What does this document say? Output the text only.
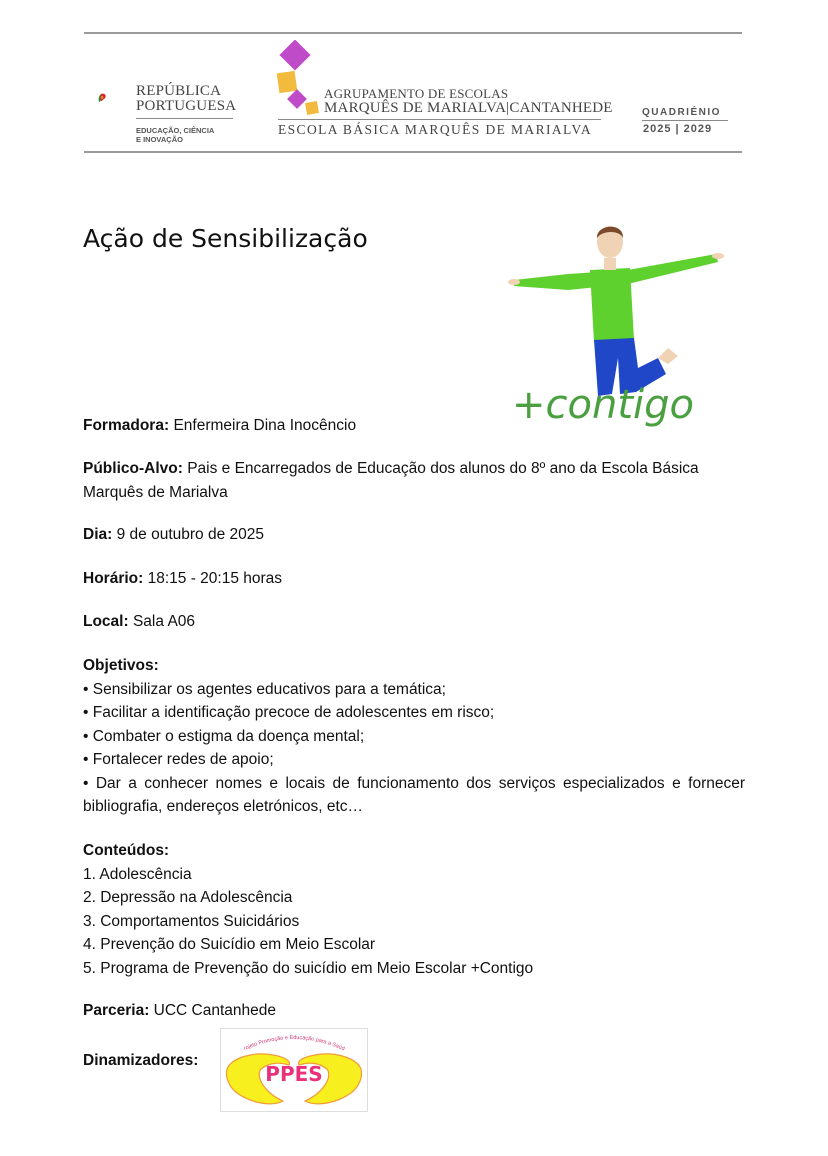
REPÚBLICA
PORTUGUESA
EDUCAÇÃO, CIÊNCIA
E INOVAÇÃO
AGRUPAMENTO DE ESCOLAS
MARQUÊS DE MARIALVA|CANTANHEDE
ESCOLA BÁSICA MARQUÊS DE MARIALVA
QUADRIÉNIO
2025 | 2029
Ação de Sensibilização
+contigo
Formadora: Enfermeira Dina Inocêncio
Público-Alvo: Pais e Encarregados de Educação dos alunos do 8º ano da Escola Básica Marquês de Marialva
Dia: 9 de outubro de 2025
Horário: 18:15 - 20:15 horas
Local: Sala A06
Objetivos:
• Sensibilizar os agentes educativos para a temática;
• Facilitar a identificação precoce de adolescentes em risco;
• Combater o estigma da doença mental;
• Fortalecer redes de apoio;
• Dar a conhecer nomes e locais de funcionamento dos serviços especializados e fornecer bibliografia, endereços eletrónicos, etc…
Conteúdos:
1. Adolescência
2. Depressão na Adolescência
3. Comportamentos Suicidários
4. Prevenção do Suicídio em Meio Escolar
5. Programa de Prevenção do suicídio em Meio Escolar +Contigo
Parceria: UCC Cantanhede
Dinamizadores:
rojeto Promoção e Educação para a Saúd
PPES
